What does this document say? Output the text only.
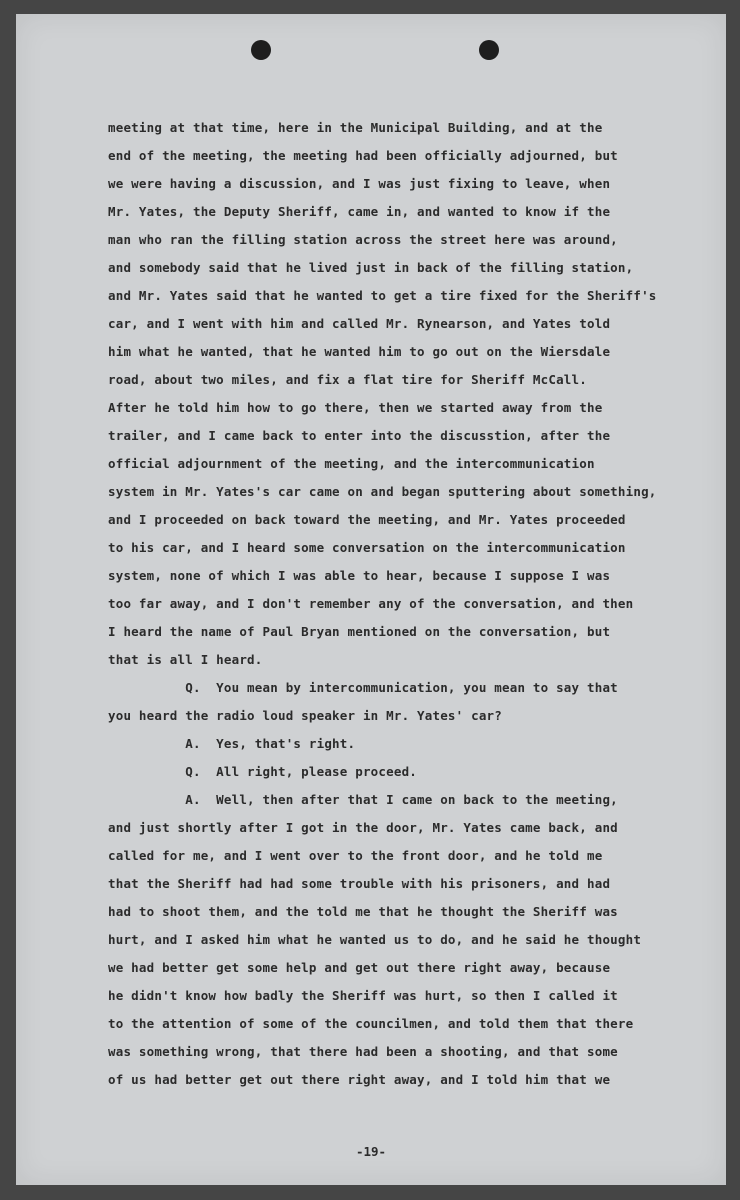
meeting at that time, here in the Municipal Building, and at the
end of the meeting, the meeting had been officially adjourned, but
we were having a discussion, and I was just fixing to leave, when
Mr. Yates, the Deputy Sheriff, came in, and wanted to know if the
man who ran the filling station across the street here was around,
and somebody said that he lived just in back of the filling station,
and Mr. Yates said that he wanted to get a tire fixed for the Sheriff's
car, and I went with him and called Mr. Rynearson, and Yates told
him what he wanted, that he wanted him to go out on the Wiersdale
road, about two miles, and fix a flat tire for Sheriff McCall.
After he told him how to go there, then we started away from the
trailer, and I came back to enter into the discusstion, after the
official adjournment of the meeting, and the intercommunication
system in Mr. Yates's car came on and began sputtering about something,
and I proceeded on back toward the meeting, and Mr. Yates proceeded
to his car, and I heard some conversation on the intercommunication
system, none of which I was able to hear, because I suppose I was
too far away, and I don't remember any of the conversation, and then
I heard the name of Paul Bryan mentioned on the conversation, but
that is all I heard.
Q.  You mean by intercommunication, you mean to say that
you heard the radio loud speaker in Mr. Yates' car?
A.  Yes, that's right.
Q.  All right, please proceed.
A.  Well, then after that I came on back to the meeting,
and just shortly after I got in the door, Mr. Yates came back, and
called for me, and I went over to the front door, and he told me
that the Sheriff had had some trouble with his prisoners, and had
had to shoot them, and the told me that he thought the Sheriff was
hurt, and I asked him what he wanted us to do, and he said he thought
we had better get some help and get out there right away, because
he didn't know how badly the Sheriff was hurt, so then I called it
to the attention of some of the councilmen, and told them that there
was something wrong, that there had been a shooting, and that some
of us had better get out there right away, and I told him that we
-19-
